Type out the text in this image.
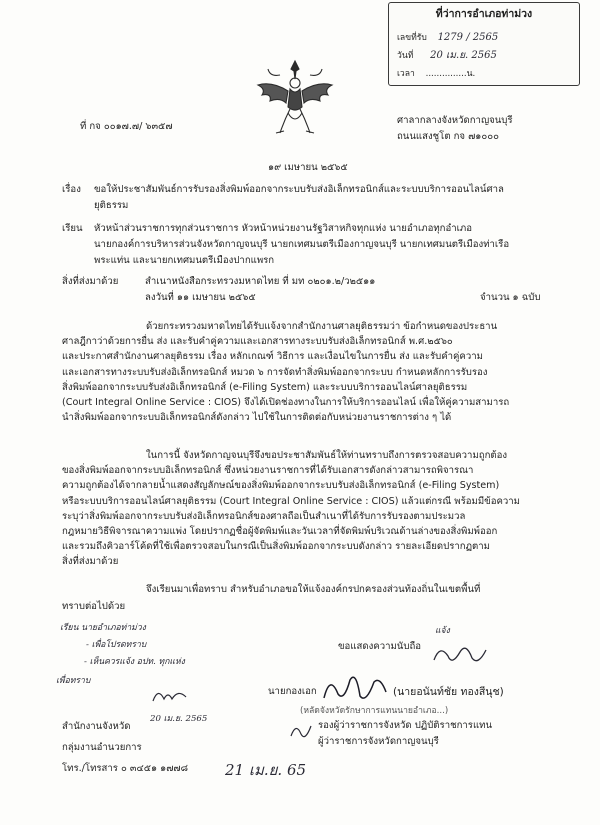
ที่ว่าการอำเภอท่าม่วง
เลขที่รับ 1279 / 2565
วันที่ 20 เม.ย. 2565
เวลา ...............น.
ที่ กจ ๐๐๑๗.๗/ ๖๓๕๗
ศาลากลางจังหวัดกาญจนบุรี
ถนนแสงชูโต กจ ๗๑๐๐๐
๑๙ เมษายน ๒๕๖๕
เรื่อง ขอให้ประชาสัมพันธ์การรับรองสิ่งพิมพ์ออกจากระบบรับส่งอิเล็กทรอนิกส์และระบบบริการออนไลน์ศาล
ยุติธรรม
เรียน หัวหน้าส่วนราชการทุกส่วนราชการ หัวหน้าหน่วยงานรัฐวิสาหกิจทุกแห่ง นายอำเภอทุกอำเภอ
นายกองค์การบริหารส่วนจังหวัดกาญจนบุรี นายกเทศมนตรีเมืองกาญจนบุรี นายกเทศมนตรีเมืองท่าเรือ
พระแท่น และนายกเทศมนตรีเมืองปากแพรก
สิ่งที่ส่งมาด้วย	สำเนาหนังสือกระทรวงมหาดไทย ที่ มท ๐๒๐๑.๒/ว๒๕๑๑
ลงวันที่ ๑๑ เมษายน ๒๕๖๕	จำนวน ๑ ฉบับ
ด้วยกระทรวงมหาดไทยได้รับแจ้งจากสำนักงานศาลยุติธรรมว่า ข้อกำหนดของประธาน
ศาลฎีกาว่าด้วยการยื่น ส่ง และรับคำคู่ความและเอกสารทางระบบรับส่งอิเล็กทรอนิกส์ พ.ศ.๒๕๖๐
และประกาศสำนักงานศาลยุติธรรม เรื่อง หลักเกณฑ์ วิธีการ และเงื่อนไขในการยื่น ส่ง และรับคำคู่ความ
และเอกสารทางระบบรับส่งอิเล็กทรอนิกส์ หมวด ๖ การจัดทำสิ่งพิมพ์ออกจากระบบ กำหนดหลักการรับรอง
สิ่งพิมพ์ออกจากระบบรับส่งอิเล็กทรอนิกส์ (e-Filing System) และระบบบริการออนไลน์ศาลยุติธรรม
(Court Integral Online Service : CIOS) จึงได้เปิดช่องทางในการให้บริการออนไลน์ เพื่อให้คู่ความสามารถ
นำสิ่งพิมพ์ออกจากระบบอิเล็กทรอนิกส์ดังกล่าว ไปใช้ในการติดต่อกับหน่วยงานราชการต่าง ๆ ได้
ในการนี้ จังหวัดกาญจนบุรีจึงขอประชาสัมพันธ์ให้ท่านทราบถึงการตรวจสอบความถูกต้อง
ของสิ่งพิมพ์ออกจากระบบอิเล็กทรอนิกส์ ซึ่งหน่วยงานราชการที่ได้รับเอกสารดังกล่าวสามารถพิจารณา
ความถูกต้องได้จากลายน้ำแสดงสัญลักษณ์ของสิ่งพิมพ์ออกจากระบบรับส่งอิเล็กทรอนิกส์ (e-Filing System)
หรือระบบบริการออนไลน์ศาลยุติธรรม (Court Integral Online Service : CIOS) แล้วแต่กรณี พร้อมมีข้อความ
ระบุว่าสิ่งพิมพ์ออกจากระบบรับส่งอิเล็กทรอนิกส์ของศาลถือเป็นสำเนาที่ได้รับการรับรองตามประมวล
กฎหมายวิธีพิจารณาความแพ่ง โดยปรากฏชื่อผู้จัดพิมพ์และวันเวลาที่จัดพิมพ์บริเวณด้านล่างของสิ่งพิมพ์ออก
และรวมถึงคิวอาร์โค้ดที่ใช้เพื่อตรวจสอบในกรณีเป็นสิ่งพิมพ์ออกจากระบบดังกล่าว รายละเอียดปรากฏตาม
สิ่งที่ส่งมาด้วย
จึงเรียนมาเพื่อทราบ สำหรับอำเภอขอให้แจ้งองค์กรปกครองส่วนท้องถิ่นในเขตพื้นที่
ทราบต่อไปด้วย
เรียน นายอำเภอท่าม่วง
- เพื่อโปรดทราบ
- เห็นควรแจ้ง อปท. ทุกแห่ง
เพื่อทราบ
20 เม.ย. 2565
แจ้ง
ขอแสดงความนับถือ
นายกองเอก	(นายอนันท์ชัย ทองสีนุช)
(หลัดจังหวัดรักษาการแทนนายอำเภอ...)
รองผู้ว่าราชการจังหวัด ปฏิบัติราชการแทน
ผู้ว่าราชการจังหวัดกาญจนบุรี
สำนักงานจังหวัด
กลุ่มงานอำนวยการ
โทร./โทรสาร ๐ ๓๔๕๑ ๑๗๗๘ 21 เม.ย. 65
